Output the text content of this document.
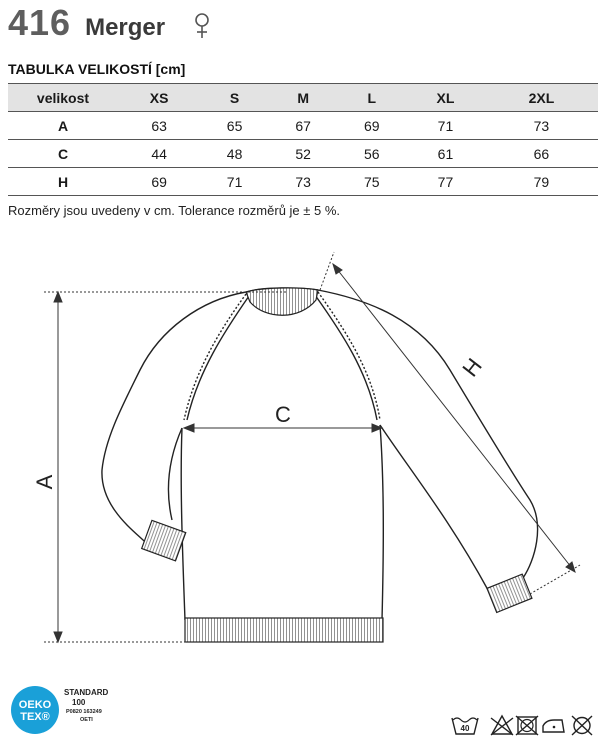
416 Merger
TABULKA VELIKOSTÍ [cm]
velikost	XS	S	M	L	XL	2XL
A	63	65	67	69	71	73
C	44	48	52	56	61	66
H	69	71	73	75	77	79
Rozměry jsou uvedeny v cm. Tolerance rozměrů je ± 5 %.
A
C
H
OEKO
TEX®
STANDARD
100
P0820 163249
OETI
40
